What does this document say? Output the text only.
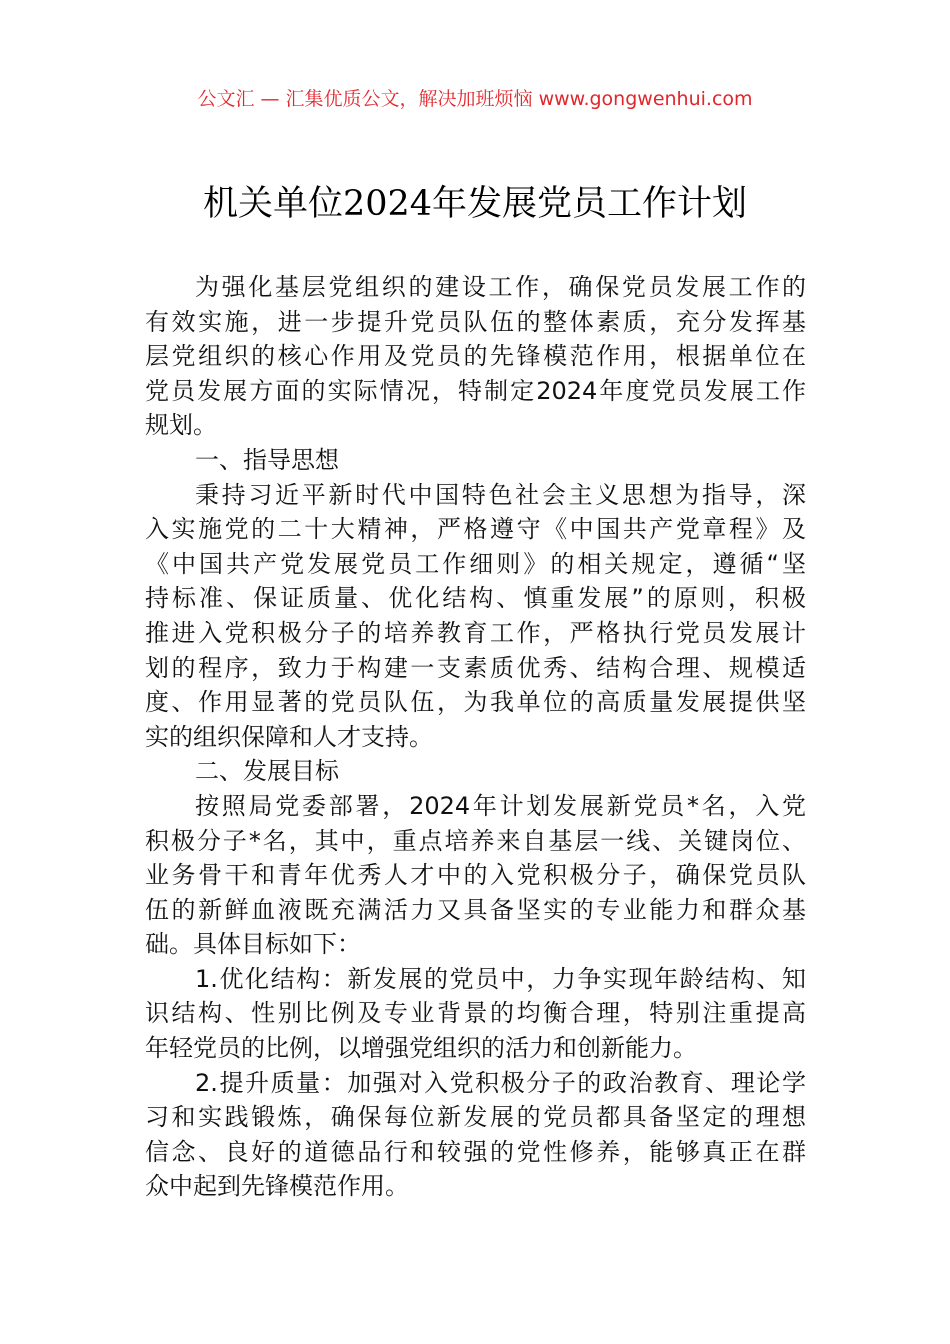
公文汇 — 汇集优质公文，解决加班烦恼 www.gongwenhui.com
机关单位2024年发展党员工作计划
为强化基层党组织的建设工作，确保党员发展工作的
有效实施，进一步提升党员队伍的整体素质，充分发挥基
层党组织的核心作用及党员的先锋模范作用，根据单位在
党员发展方面的实际情况，特制定2024年度党员发展工作
规划。
一、指导思想
秉持习近平新时代中国特色社会主义思想为指导，深
入实施党的二十大精神，严格遵守《中国共产党章程》及
《中国共产党发展党员工作细则》的相关规定，遵循“坚
持标准、保证质量、优化结构、慎重发展”的原则，积极
推进入党积极分子的培养教育工作，严格执行党员发展计
划的程序，致力于构建一支素质优秀、结构合理、规模适
度、作用显著的党员队伍，为我单位的高质量发展提供坚
实的组织保障和人才支持。
二、发展目标
按照局党委部署，2024年计划发展新党员*名，入党
积极分子*名，其中，重点培养来自基层一线、关键岗位、
业务骨干和青年优秀人才中的入党积极分子，确保党员队
伍的新鲜血液既充满活力又具备坚实的专业能力和群众基
础。具体目标如下：
1.优化结构：新发展的党员中，力争实现年龄结构、知
识结构、性别比例及专业背景的均衡合理，特别注重提高
年轻党员的比例，以增强党组织的活力和创新能力。
2.提升质量：加强对入党积极分子的政治教育、理论学
习和实践锻炼，确保每位新发展的党员都具备坚定的理想
信念、良好的道德品行和较强的党性修养，能够真正在群
众中起到先锋模范作用。
